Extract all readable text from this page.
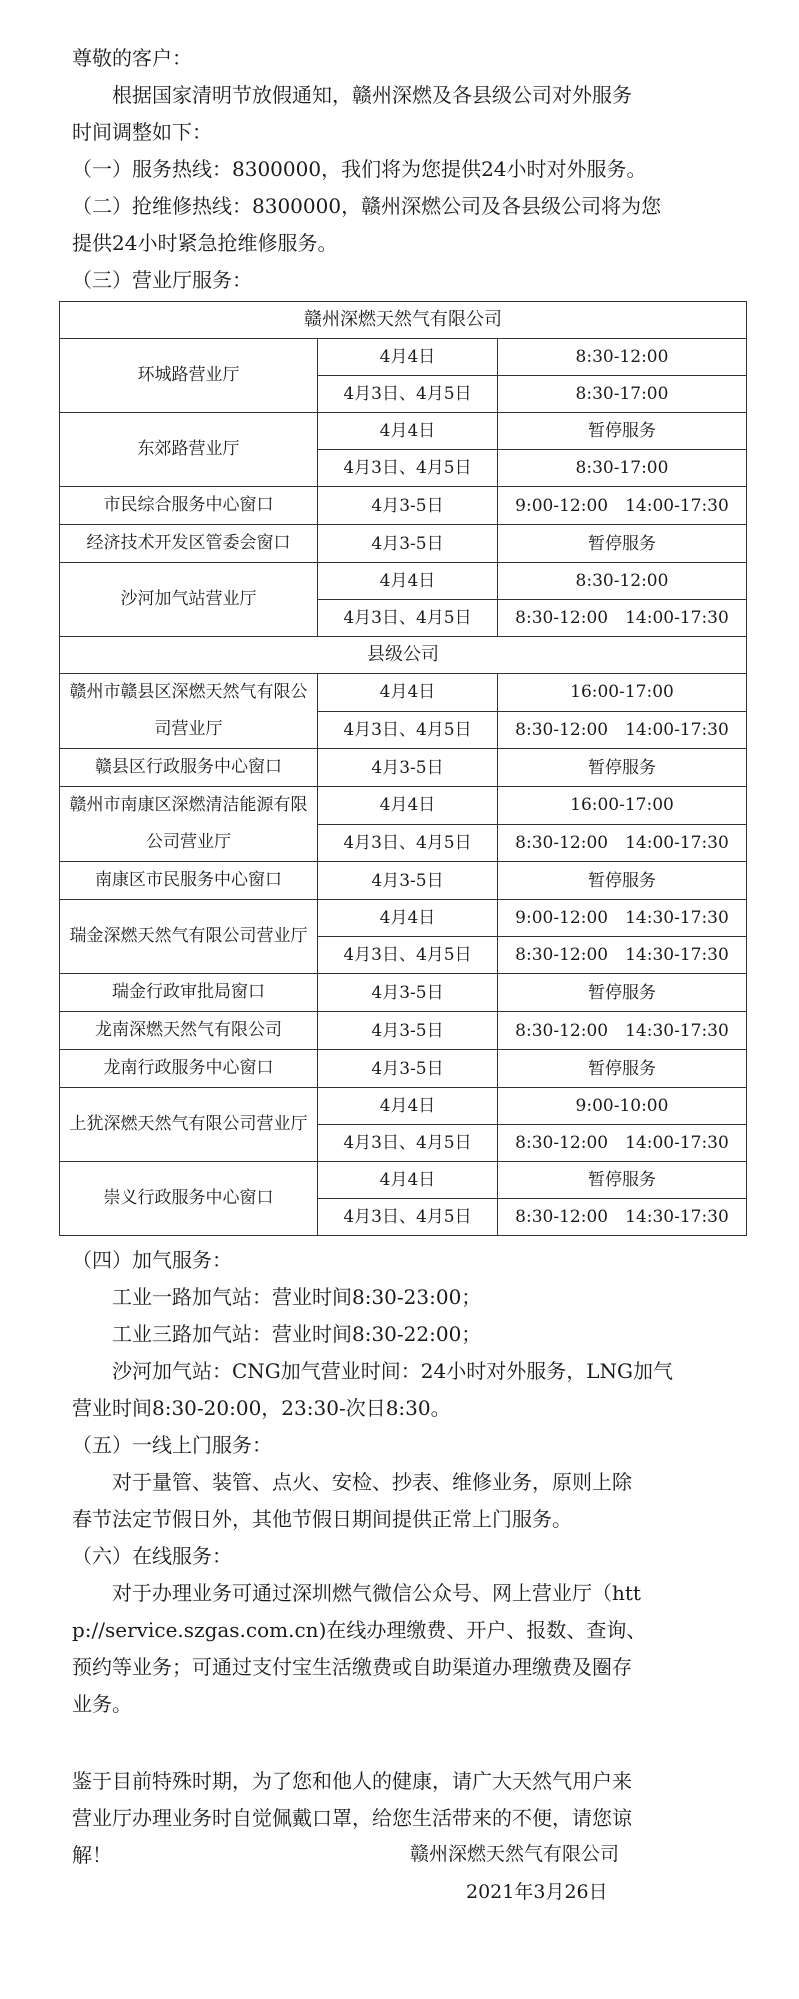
尊敬的客户：
根据国家清明节放假通知，赣州深燃及各县级公司对外服务
时间调整如下：
（一）服务热线：8300000，我们将为您提供24小时对外服务。
（二）抢维修热线：8300000，赣州深燃公司及各县级公司将为您
提供24小时紧急抢维修服务。
（三）营业厅服务：
赣州深燃天然气有限公司		
环城路营业厅	4月4日	8:30-12:00
	4月3日、4月5日	8:30-17:00
东郊路营业厅	4月4日	暂停服务
	4月3日、4月5日	8:30-17:00
市民综合服务中心窗口	4月3-5日	9:00-12:00　14:00-17:30
经济技术开发区管委会窗口	4月3-5日	暂停服务
沙河加气站营业厅	4月4日	8:30-12:00
	4月3日、4月5日	8:30-12:00　14:00-17:30
县级公司		
赣州市赣县区深燃天然气有限公司营业厅	4月4日	16:00-17:00
	4月3日、4月5日	8:30-12:00　14:00-17:30
赣县区行政服务中心窗口	4月3-5日	暂停服务
赣州市南康区深燃清洁能源有限公司营业厅	4月4日	16:00-17:00
	4月3日、4月5日	8:30-12:00　14:00-17:30
南康区市民服务中心窗口	4月3-5日	暂停服务
瑞金深燃天然气有限公司营业厅	4月4日	9:00-12:00　14:30-17:30
	4月3日、4月5日	8:30-12:00　14:30-17:30
瑞金行政审批局窗口	4月3-5日	暂停服务
龙南深燃天然气有限公司	4月3-5日	8:30-12:00　14:30-17:30
龙南行政服务中心窗口	4月3-5日	暂停服务
上犹深燃天然气有限公司营业厅	4月4日	9:00-10:00
	4月3日、4月5日	8:30-12:00　14:00-17:30
崇义行政服务中心窗口	4月4日	暂停服务
	4月3日、4月5日	8:30-12:00　14:30-17:30
（四）加气服务：
工业一路加气站：营业时间8:30-23:00；
工业三路加气站：营业时间8:30-22:00；
沙河加气站：CNG加气营业时间：24小时对外服务，LNG加气
营业时间8:30-20:00，23:30-次日8:30。
（五）一线上门服务：
对于量管、装管、点火、安检、抄表、维修业务，原则上除
春节法定节假日外，其他节假日期间提供正常上门服务。
（六）在线服务：
对于办理业务可通过深圳燃气微信公众号、网上营业厅（htt
p://service.szgas.com.cn)在线办理缴费、开户、报数、查询、
预约等业务；可通过支付宝生活缴费或自助渠道办理缴费及圈存
业务。
鉴于目前特殊时期，为了您和他人的健康，请广大天然气用户来
营业厅办理业务时自觉佩戴口罩，给您生活带来的不便，请您谅
解！	赣州深燃天然气有限公司
2021年3月26日
